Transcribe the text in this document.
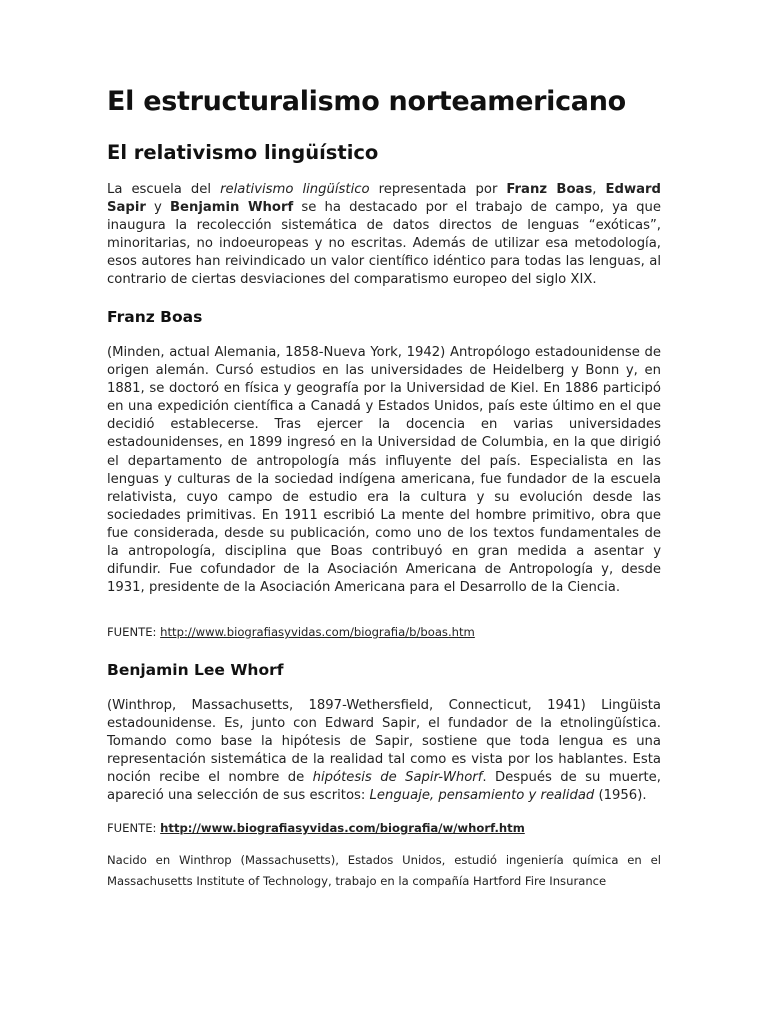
El estructuralismo norteamericano
El relativismo lingüístico
La escuela del relativismo lingüístico representada por Franz Boas, Edward Sapir y Benjamin Whorf se ha destacado por el trabajo de campo, ya que inaugura la recolección sistemática de datos directos de lenguas “exóticas”, minoritarias, no indoeuropeas y no escritas. Además de utilizar esa metodología, esos autores han reivindicado un valor científico idéntico para todas las lenguas, al contrario de ciertas desviaciones del comparatismo europeo del siglo XIX.
Franz Boas
(Minden, actual Alemania, 1858-Nueva York, 1942) Antropólogo estadounidense de origen alemán. Cursó estudios en las universidades de Heidelberg y Bonn y, en 1881, se doctoró en física y geografía por la Universidad de Kiel. En 1886 participó en una expedición científica a Canadá y Estados Unidos, país este último en el que decidió establecerse. Tras ejercer la docencia en varias universidades estadounidenses, en 1899 ingresó en la Universidad de Columbia, en la que dirigió el departamento de antropología más influyente del país. Especialista en las lenguas y culturas de la sociedad indígena americana, fue fundador de la escuela relativista, cuyo campo de estudio era la cultura y su evolución desde las sociedades primitivas. En 1911 escribió La mente del hombre primitivo, obra que fue considerada, desde su publicación, como uno de los textos fundamentales de la antropología, disciplina que Boas contribuyó en gran medida a asentar y difundir. Fue cofundador de la Asociación Americana de Antropología y, desde 1931, presidente de la Asociación Americana para el Desarrollo de la Ciencia.
FUENTE: http://www.biografiasyvidas.com/biografia/b/boas.htm
Benjamin Lee Whorf
(Winthrop, Massachusetts, 1897-Wethersfield, Connecticut, 1941) Lingüista estadounidense. Es, junto con Edward Sapir, el fundador de la etnolingüística. Tomando como base la hipótesis de Sapir, sostiene que toda lengua es una representación sistemática de la realidad tal como es vista por los hablantes. Esta noción recibe el nombre de hipótesis de Sapir-Whorf. Después de su muerte, apareció una selección de sus escritos: Lenguaje, pensamiento y realidad (1956).
FUENTE: http://www.biografiasyvidas.com/biografia/w/whorf.htm
Nacido en Winthrop (Massachusetts), Estados Unidos, estudió ingeniería química en el Massachusetts Institute of Technology, trabajo en la compañía Hartford Fire Insurance
